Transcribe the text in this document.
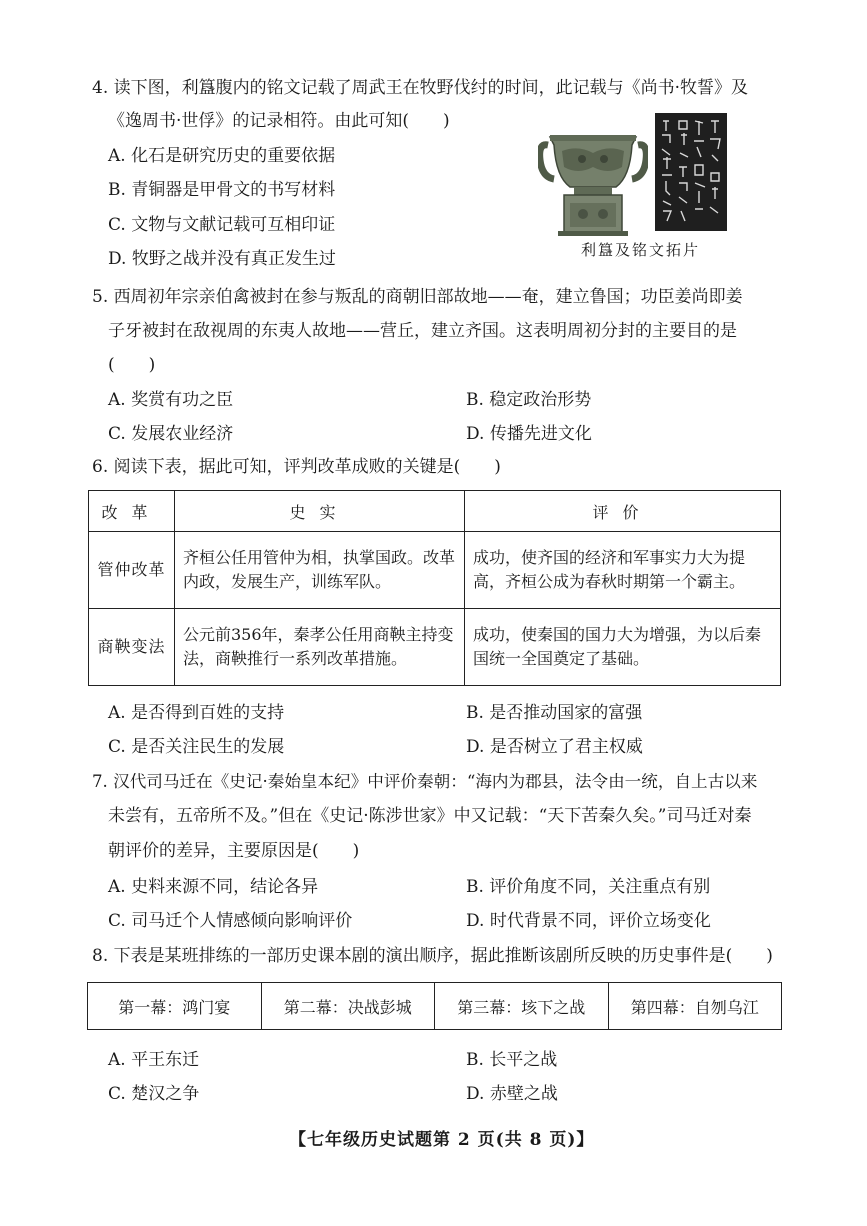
4. 读下图，利簋腹内的铭文记载了周武王在牧野伐纣的时间，此记载与《尚书·牧誓》及
《逸周书·世俘》的记录相符。由此可知(　　)
A. 化石是研究历史的重要依据
B. 青铜器是甲骨文的书写材料
C. 文物与文献记载可互相印证
D. 牧野之战并没有真正发生过	利簋及铭文拓片
5. 西周初年宗亲伯禽被封在参与叛乱的商朝旧部故地——奄，建立鲁国；功臣姜尚即姜
子牙被封在敌视周的东夷人故地——营丘，建立齐国。这表明周初分封的主要目的是
(　　)
A. 奖赏有功之臣	B. 稳定政治形势
C. 发展农业经济	D. 传播先进文化
6. 阅读下表，据此可知，评判改革成败的关键是(　　)
改革	史实	评价
管仲改革	齐桓公任用管仲为相，执掌国政。改革内政，发展生产，训练军队。	成功，使齐国的经济和军事实力大为提高，齐桓公成为春秋时期第一个霸主。
商鞅变法	公元前356年，秦孝公任用商鞅主持变法，商鞅推行一系列改革措施。	成功，使秦国的国力大为增强，为以后秦国统一全国奠定了基础。
A. 是否得到百姓的支持	B. 是否推动国家的富强
C. 是否关注民生的发展	D. 是否树立了君主权威
7. 汉代司马迁在《史记·秦始皇本纪》中评价秦朝：“海内为郡县，法令由一统，自上古以来
未尝有，五帝所不及。”但在《史记·陈涉世家》中又记载：“天下苦秦久矣。”司马迁对秦
朝评价的差异，主要原因是(　　)
A. 史料来源不同，结论各异	B. 评价角度不同，关注重点有别
C. 司马迁个人情感倾向影响评价	D. 时代背景不同，评价立场变化
8. 下表是某班排练的一部历史课本剧的演出顺序，据此推断该剧所反映的历史事件是(　　)
第一幕：鸿门宴	第二幕：决战彭城	第三幕：垓下之战	第四幕：自刎乌江
A. 平王东迁	B. 长平之战
C. 楚汉之争	D. 赤壁之战
【七年级历史试题第 2 页(共 8 页)】
